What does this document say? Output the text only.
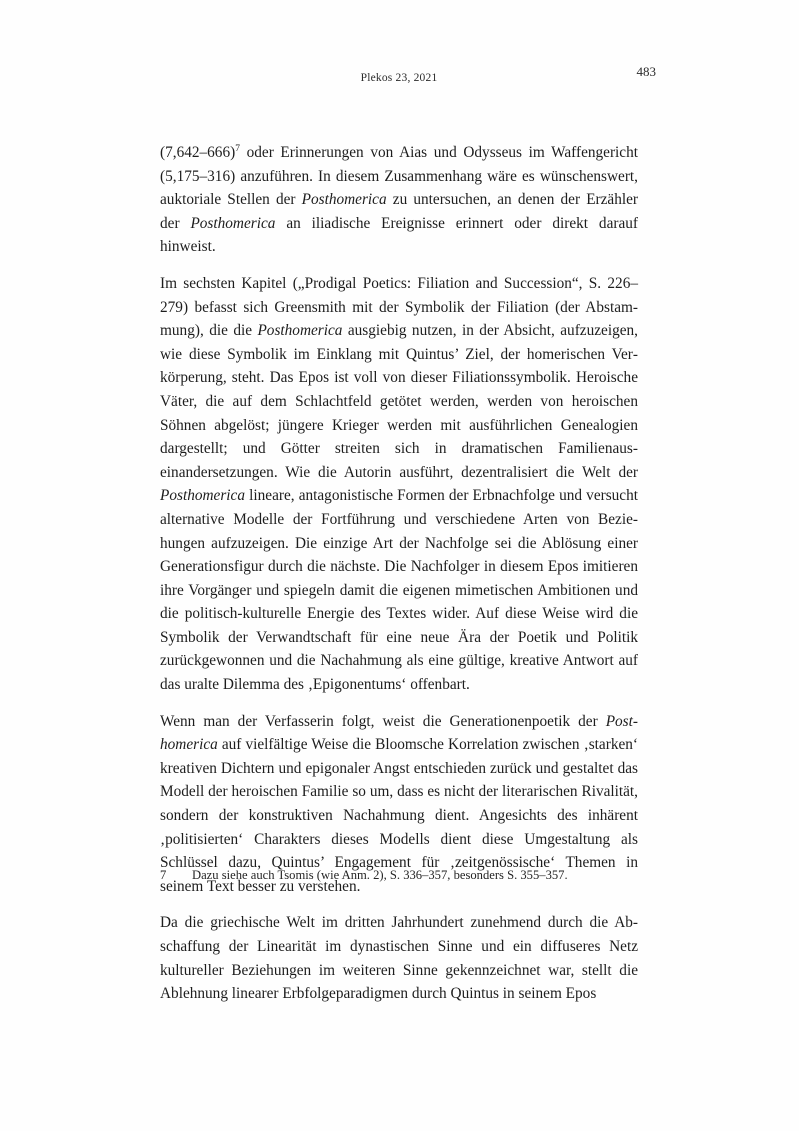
Plekos 23, 2021	483

(7,642–666)$^7$ oder Erinnerungen von Aias und Odysseus im Waffengericht (5,175–316) anzuführen. In diesem Zusammenhang wäre es wünschenswert, auktoriale Stellen der Posthomerica zu untersuchen, an denen der Erzähler der Posthomerica an iliadische Ereignisse erinnert oder direkt darauf hinweist.

Im sechsten Kapitel („Prodigal Poetics: Filiation and Succession“, S. 226–279) befasst sich Greensmith mit der Symbolik der Filiation (der Abstammung), die die Posthomerica ausgiebig nutzen, in der Absicht, aufzuzeigen, wie diese Symbolik im Einklang mit Quintus’ Ziel, der homerischen Verkörperung, steht. Das Epos ist voll von dieser Filiationssymbolik. Heroische Väter, die auf dem Schlachtfeld getötet werden, werden von heroischen Söhnen abgelöst; jüngere Krieger werden mit ausführlichen Genealogien dargestellt; und Götter streiten sich in dramatischen Familienauseinandersetzungen. Wie die Autorin ausführt, dezentralisiert die Welt der Posthomerica lineare, antagonistische Formen der Erbnachfolge und versucht alternative Modelle der Fortführung und verschiedene Arten von Beziehungen aufzuzeigen. Die einzige Art der Nachfolge sei die Ablösung einer Generationsfigur durch die nächste. Die Nachfolger in diesem Epos imitieren ihre Vorgänger und spiegeln damit die eigenen mimetischen Ambitionen und die politisch-kulturelle Energie des Textes wider. Auf diese Weise wird die Symbolik der Verwandtschaft für eine neue Ära der Poetik und Politik zurückgewonnen und die Nachahmung als eine gültige, kreative Antwort auf das uralte Dilemma des ‚Epigonentums‘ offenbart.

Wenn man der Verfasserin folgt, weist die Generationenpoetik der Posthomerica auf vielfältige Weise die Bloomsche Korrelation zwischen ‚starken‘ kreativen Dichtern und epigonaler Angst entschieden zurück und gestaltet das Modell der heroischen Familie so um, dass es nicht der literarischen Rivalität, sondern der konstruktiven Nachahmung dient. Angesichts des inhärent ‚politisierten‘ Charakters dieses Modells dient diese Umgestaltung als Schlüssel dazu, Quintus’ Engagement für ‚zeitgenössische‘ Themen in seinem Text besser zu verstehen.

Da die griechische Welt im dritten Jahrhundert zunehmend durch die Abschaffung der Linearität im dynastischen Sinne und ein diffuseres Netz kultureller Beziehungen im weiteren Sinne gekennzeichnet war, stellt die Ablehnung linearer Erbfolgeparadigmen durch Quintus in seinem Epos

7	Dazu siehe auch Tsomis (wie Anm. 2), S. 336–357, besonders S. 355–357.
